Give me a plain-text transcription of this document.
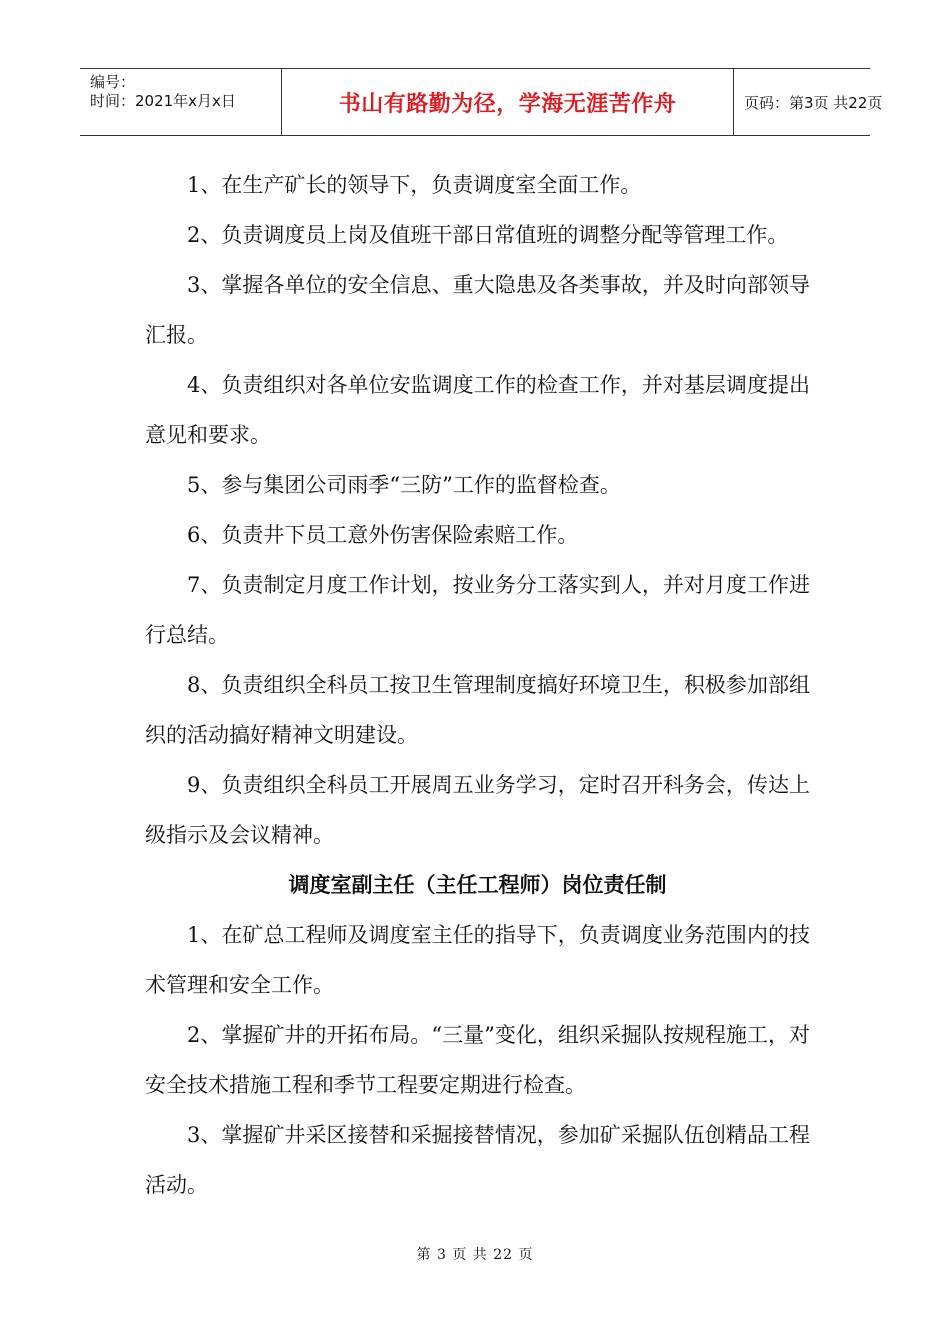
编号：
时间：2021年x月x日	书山有路勤为径，学海无涯苦作舟	页码：第3页 共22页

1、在生产矿长的领导下，负责调度室全面工作。

2、负责调度员上岗及值班干部日常值班的调整分配等管理工作。

3、掌握各单位的安全信息、重大隐患及各类事故，并及时向部领导汇报。

4、负责组织对各单位安监调度工作的检查工作，并对基层调度提出意见和要求。

5、参与集团公司雨季“三防”工作的监督检查。

6、负责井下员工意外伤害保险索赔工作。

7、负责制定月度工作计划，按业务分工落实到人，并对月度工作进行总结。

8、负责组织全科员工按卫生管理制度搞好环境卫生，积极参加部组织的活动搞好精神文明建设。

9、负责组织全科员工开展周五业务学习，定时召开科务会，传达上级指示及会议精神。

调度室副主任（主任工程师）岗位责任制

1、在矿总工程师及调度室主任的指导下，负责调度业务范围内的技术管理和安全工作。

2、掌握矿井的开拓布局。“三量”变化，组织采掘队按规程施工，对安全技术措施工程和季节工程要定期进行检查。

3、掌握矿井采区接替和采掘接替情况，参加矿采掘队伍创精品工程活动。

第 3 页 共 22 页
